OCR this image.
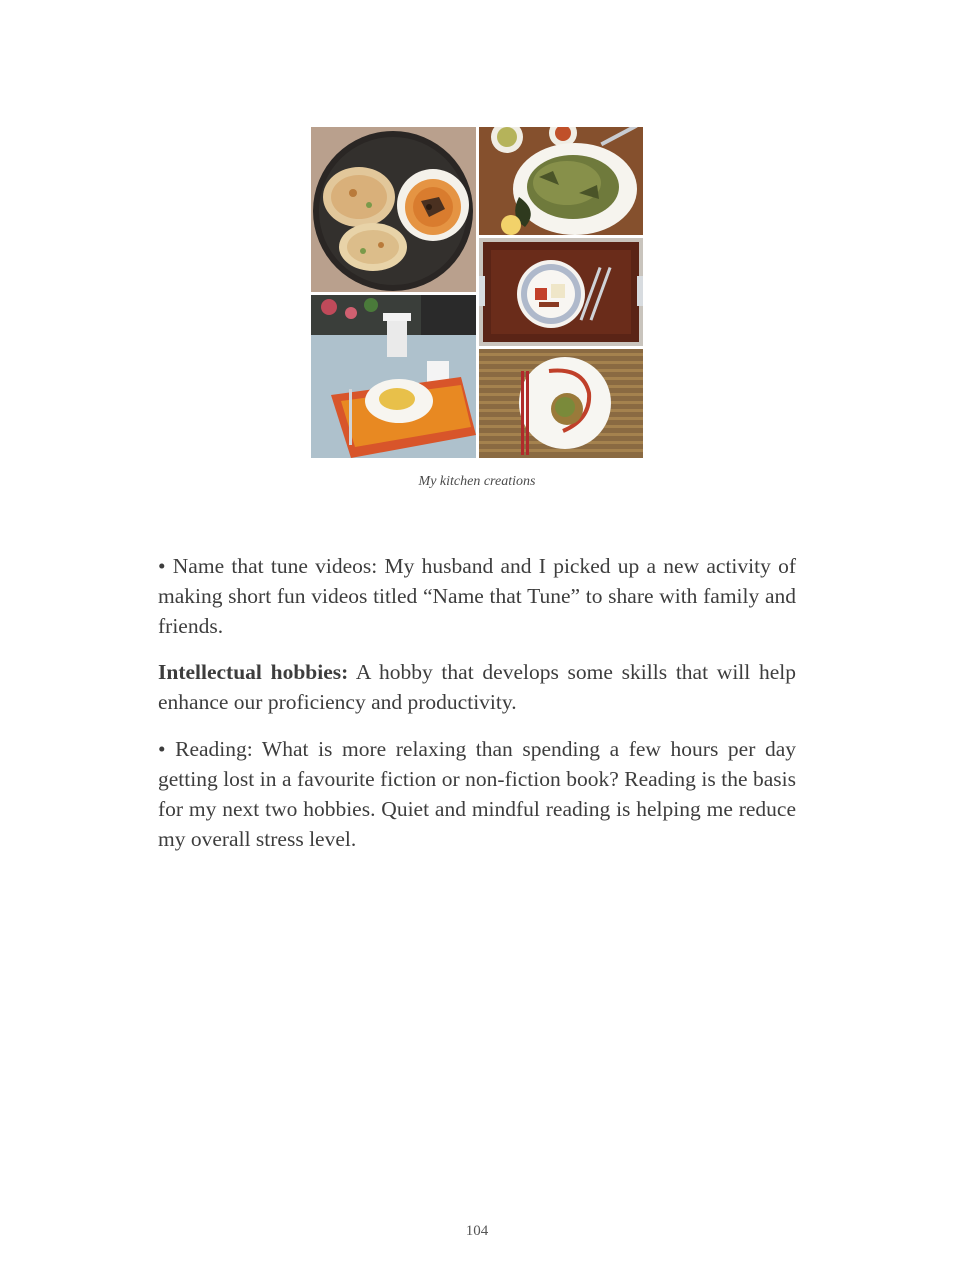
My kitchen creations

• Name that tune videos: My husband and I picked up a new activity of making short fun videos titled “Name that Tune” to share with family and friends.

Intellectual hobbies: A hobby that develops some skills that will help enhance our proficiency and productivity.

• Reading: What is more relaxing than spending a few hours per day getting lost in a favourite fiction or non-fiction book? Reading is the basis for my next two hobbies. Quiet and mindful reading is helping me reduce my overall stress level.

104
